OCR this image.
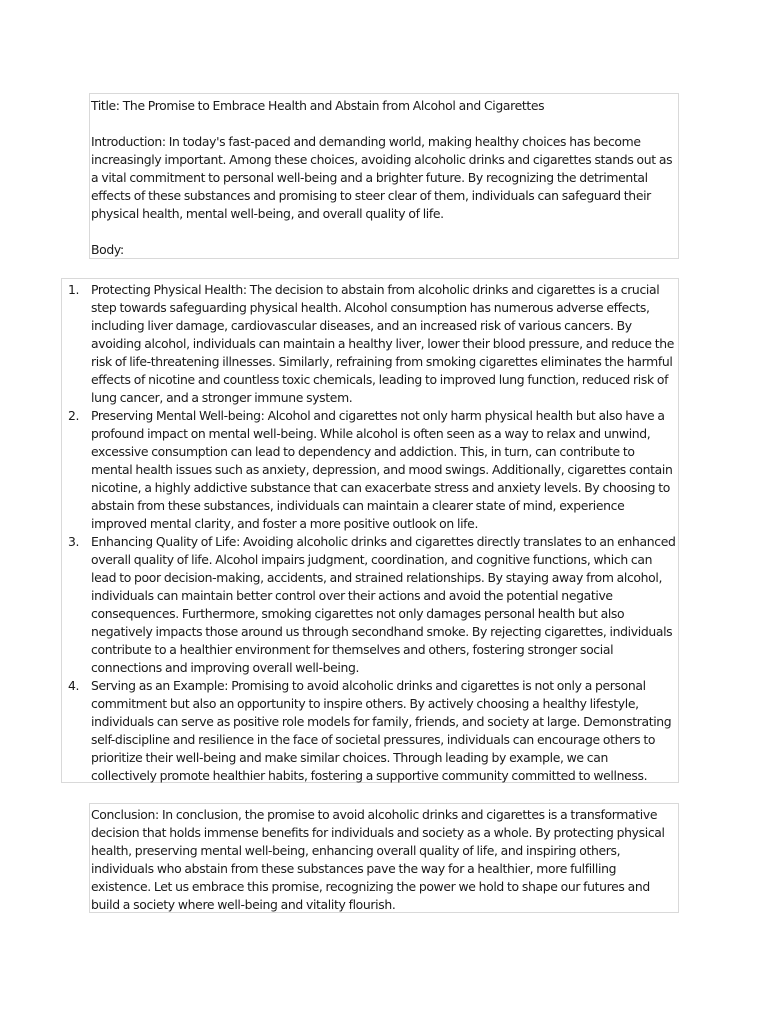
Title: The Promise to Embrace Health and Abstain from Alcohol and Cigarettes

Introduction: In today's fast-paced and demanding world, making healthy choices has become increasingly important. Among these choices, avoiding alcoholic drinks and cigarettes stands out as a vital commitment to personal well-being and a brighter future. By recognizing the detrimental effects of these substances and promising to steer clear of them, individuals can safeguard their physical health, mental well-being, and overall quality of life.

Body:

1. Protecting Physical Health: The decision to abstain from alcoholic drinks and cigarettes is a crucial step towards safeguarding physical health. Alcohol consumption has numerous adverse effects, including liver damage, cardiovascular diseases, and an increased risk of various cancers. By avoiding alcohol, individuals can maintain a healthy liver, lower their blood pressure, and reduce the risk of life-threatening illnesses. Similarly, refraining from smoking cigarettes eliminates the harmful effects of nicotine and countless toxic chemicals, leading to improved lung function, reduced risk of lung cancer, and a stronger immune system.

2. Preserving Mental Well-being: Alcohol and cigarettes not only harm physical health but also have a profound impact on mental well-being. While alcohol is often seen as a way to relax and unwind, excessive consumption can lead to dependency and addiction. This, in turn, can contribute to mental health issues such as anxiety, depression, and mood swings. Additionally, cigarettes contain nicotine, a highly addictive substance that can exacerbate stress and anxiety levels. By choosing to abstain from these substances, individuals can maintain a clearer state of mind, experience improved mental clarity, and foster a more positive outlook on life.

3. Enhancing Quality of Life: Avoiding alcoholic drinks and cigarettes directly translates to an enhanced overall quality of life. Alcohol impairs judgment, coordination, and cognitive functions, which can lead to poor decision-making, accidents, and strained relationships. By staying away from alcohol, individuals can maintain better control over their actions and avoid the potential negative consequences. Furthermore, smoking cigarettes not only damages personal health but also negatively impacts those around us through secondhand smoke. By rejecting cigarettes, individuals contribute to a healthier environment for themselves and others, fostering stronger social connections and improving overall well-being.

4. Serving as an Example: Promising to avoid alcoholic drinks and cigarettes is not only a personal commitment but also an opportunity to inspire others. By actively choosing a healthy lifestyle, individuals can serve as positive role models for family, friends, and society at large. Demonstrating self-discipline and resilience in the face of societal pressures, individuals can encourage others to prioritize their well-being and make similar choices. Through leading by example, we can collectively promote healthier habits, fostering a supportive community committed to wellness.

Conclusion: In conclusion, the promise to avoid alcoholic drinks and cigarettes is a transformative decision that holds immense benefits for individuals and society as a whole. By protecting physical health, preserving mental well-being, enhancing overall quality of life, and inspiring others, individuals who abstain from these substances pave the way for a healthier, more fulfilling existence. Let us embrace this promise, recognizing the power we hold to shape our futures and build a society where well-being and vitality flourish.
